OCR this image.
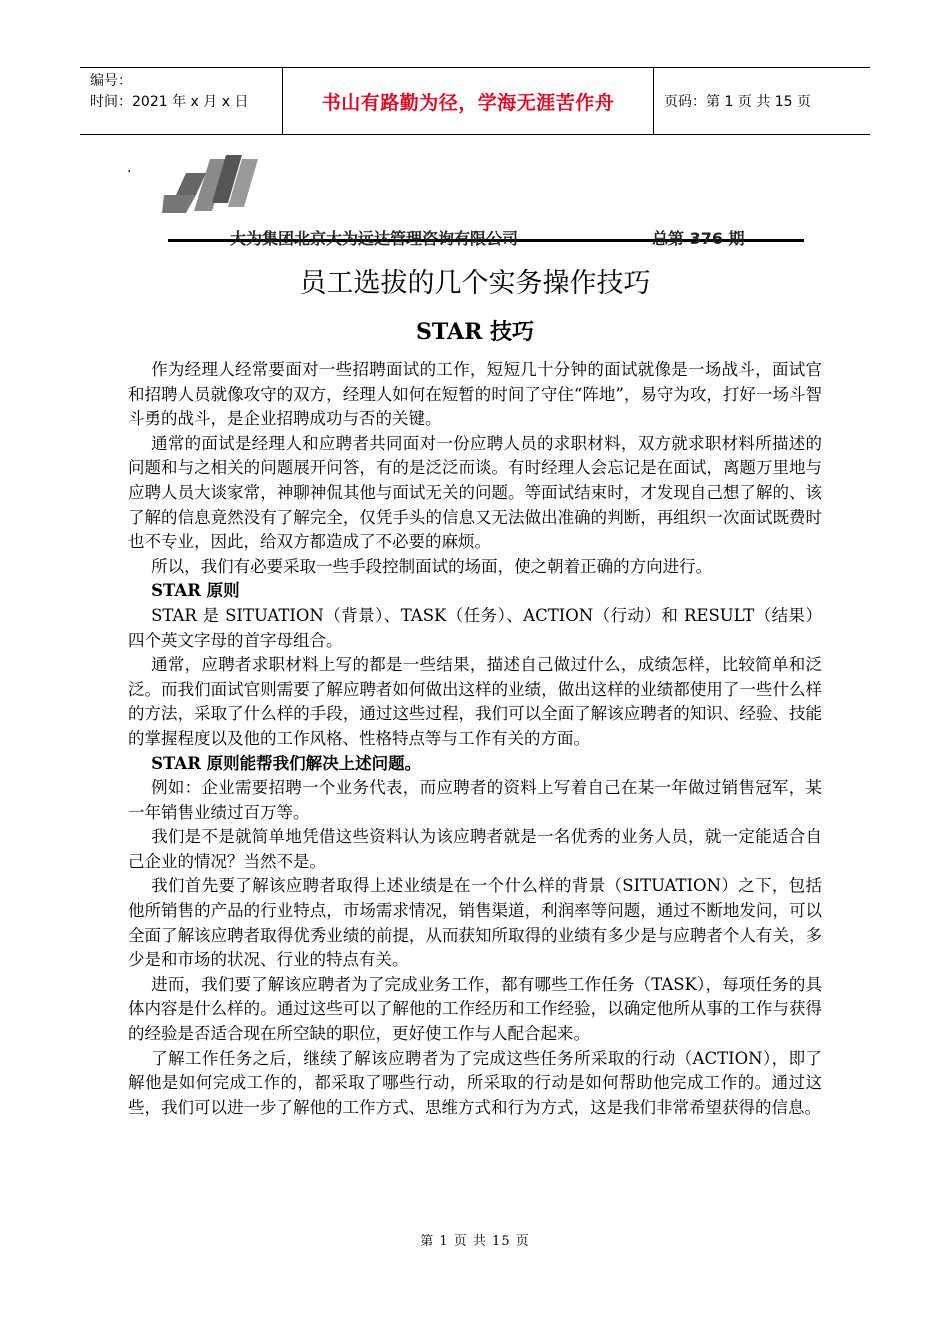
编号：
时间：2021 年 x 月 x 日	书山有路勤为径，学海无涯苦作舟	页码：第 1 页 共 15 页
.
大为集团北京大为远达管理咨询有限公司	总第 376 期
员工选拔的几个实务操作技巧
STAR 技巧

作为经理人经常要面对一些招聘面试的工作，短短几十分钟的面试就像是一场战斗，面试官和招聘人员就像攻守的双方，经理人如何在短暂的时间了守住“阵地”，易守为攻，打好一场斗智斗勇的战斗，是企业招聘成功与否的关键。

通常的面试是经理人和应聘者共同面对一份应聘人员的求职材料，双方就求职材料所描述的问题和与之相关的问题展开问答，有的是泛泛而谈。有时经理人会忘记是在面试，离题万里地与应聘人员大谈家常，神聊神侃其他与面试无关的问题。等面试结束时，才发现自己想了解的、该了解的信息竟然没有了解完全，仅凭手头的信息又无法做出准确的判断，再组织一次面试既费时也不专业，因此，给双方都造成了不必要的麻烦。

所以，我们有必要采取一些手段控制面试的场面，使之朝着正确的方向进行。

STAR 原则

STAR 是 SITUATION（背景）、TASK（任务）、ACTION（行动）和 RESULT（结果）四个英文字母的首字母组合。

通常，应聘者求职材料上写的都是一些结果，描述自己做过什么，成绩怎样，比较简单和泛泛。而我们面试官则需要了解应聘者如何做出这样的业绩，做出这样的业绩都使用了一些什么样的方法，采取了什么样的手段，通过这些过程，我们可以全面了解该应聘者的知识、经验、技能的掌握程度以及他的工作风格、性格特点等与工作有关的方面。

STAR 原则能帮我们解决上述问题。

例如：企业需要招聘一个业务代表，而应聘者的资料上写着自己在某一年做过销售冠军，某一年销售业绩过百万等。

我们是不是就简单地凭借这些资料认为该应聘者就是一名优秀的业务人员，就一定能适合自己企业的情况？当然不是。

我们首先要了解该应聘者取得上述业绩是在一个什么样的背景（SITUATION）之下，包括他所销售的产品的行业特点，市场需求情况，销售渠道，利润率等问题，通过不断地发问，可以全面了解该应聘者取得优秀业绩的前提，从而获知所取得的业绩有多少是与应聘者个人有关，多少是和市场的状况、行业的特点有关。

进而，我们要了解该应聘者为了完成业务工作，都有哪些工作任务（TASK），每项任务的具体内容是什么样的。通过这些可以了解他的工作经历和工作经验，以确定他所从事的工作与获得的经验是否适合现在所空缺的职位，更好使工作与人配合起来。

了解工作任务之后，继续了解该应聘者为了完成这些任务所采取的行动（ACTION），即了解他是如何完成工作的，都采取了哪些行动，所采取的行动是如何帮助他完成工作的。通过这些，我们可以进一步了解他的工作方式、思维方式和行为方式，这是我们非常希望获得的信息。

第 1 页 共 15 页
